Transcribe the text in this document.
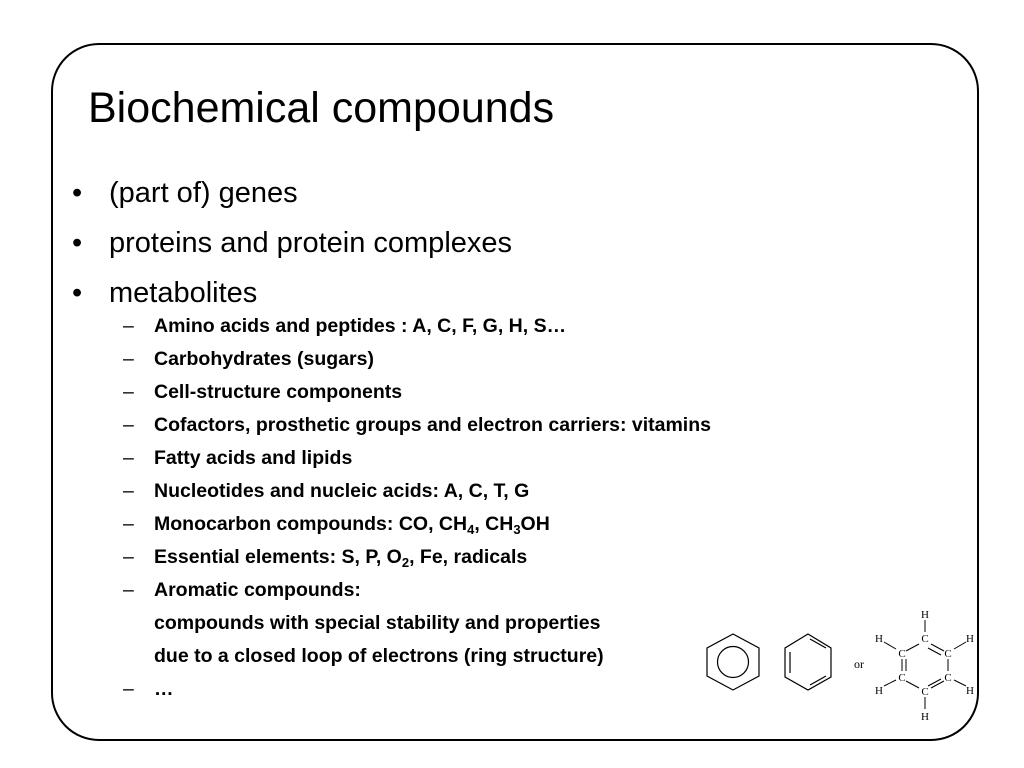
Biochemical compounds
• (part of) genes
• proteins and protein complexes
• metabolites
– Amino acids and peptides : A, C, F, G, H, S…
– Carbohydrates (sugars)
– Cell-structure components
– Cofactors, prosthetic groups and electron carriers: vitamins
– Fatty acids and lipids
– Nucleotides and nucleic acids: A, C, T, G
– Monocarbon compounds: CO, $CH_4$, $CH_3OH$
– Essential elements: S, P, $O_2$, Fe, radicals
– Aromatic compounds:
compounds with special stability and properties
due to a closed loop of electrons (ring structure)
– …
or
H
C
C	C
C	C
C
H	H
H	H
H
